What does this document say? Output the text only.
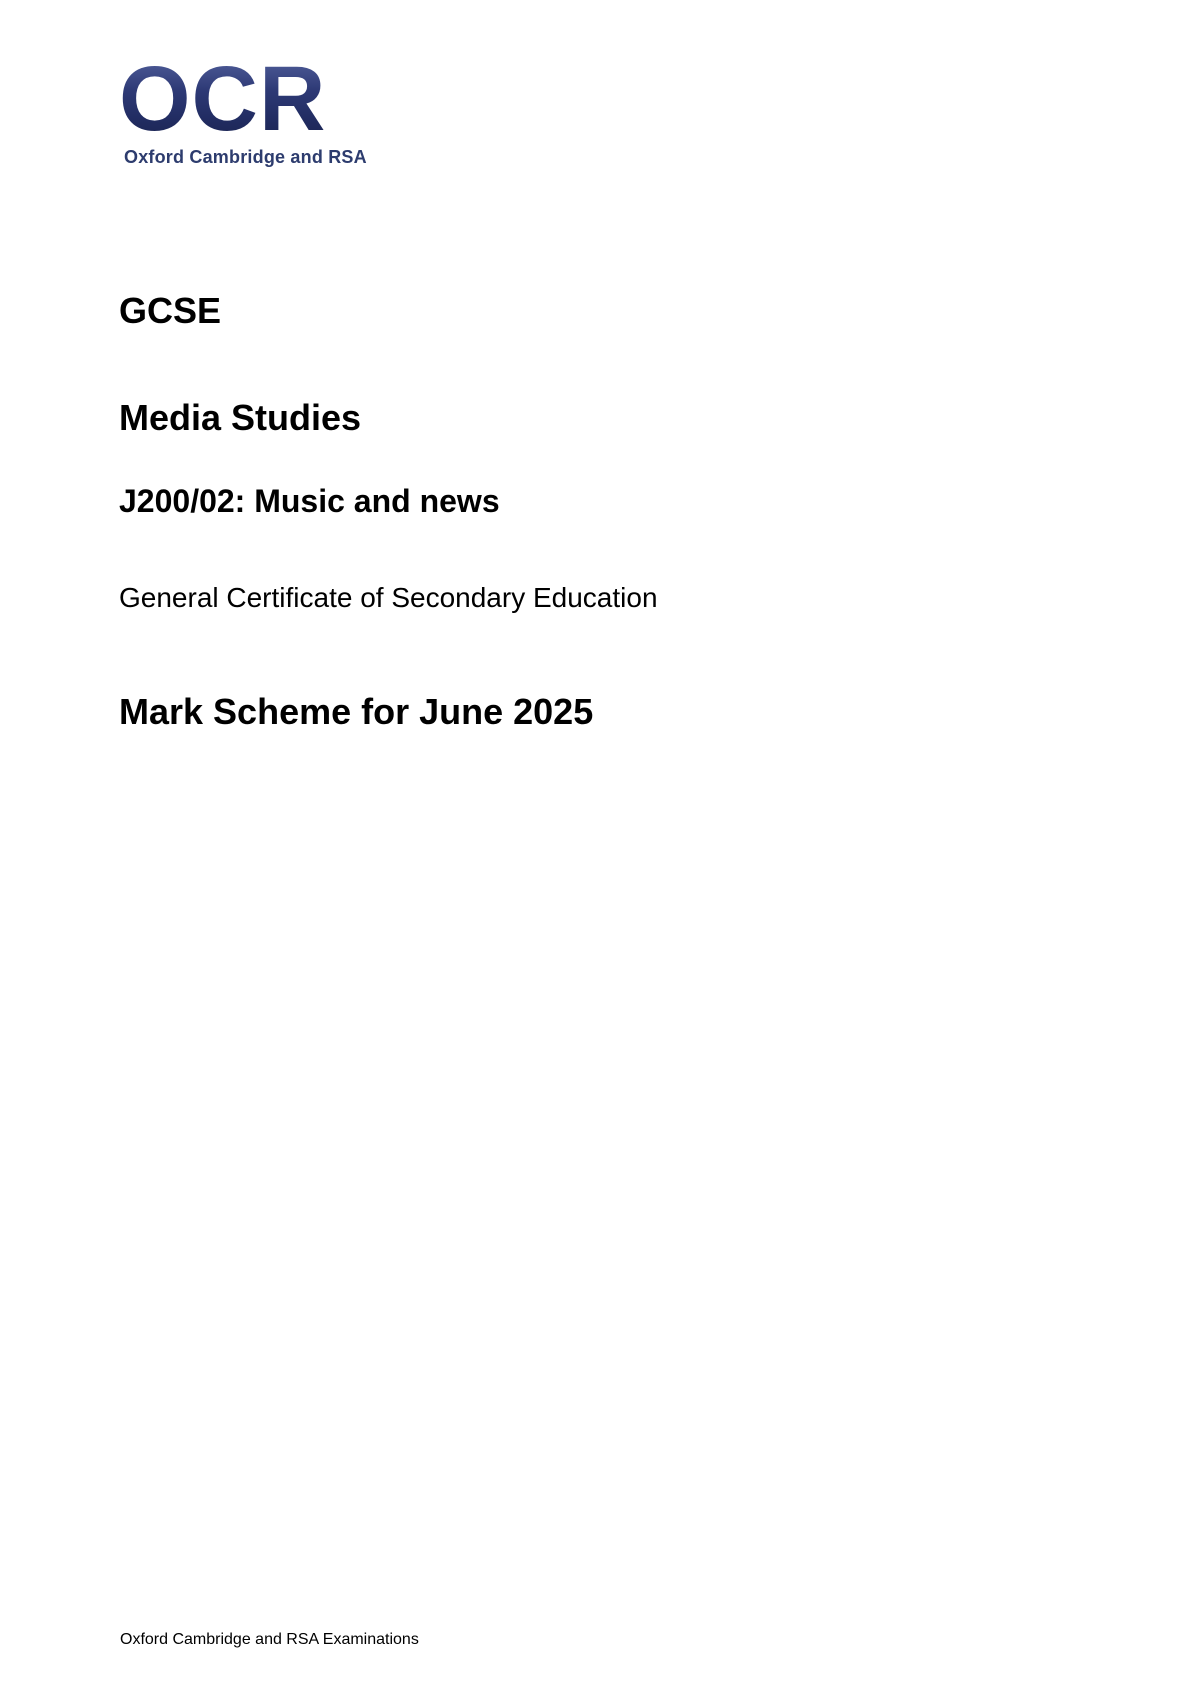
OCR
Oxford Cambridge and RSA
GCSE
Media Studies
J200/02: Music and news
General Certificate of Secondary Education
Mark Scheme for June 2025
Oxford Cambridge and RSA Examinations
